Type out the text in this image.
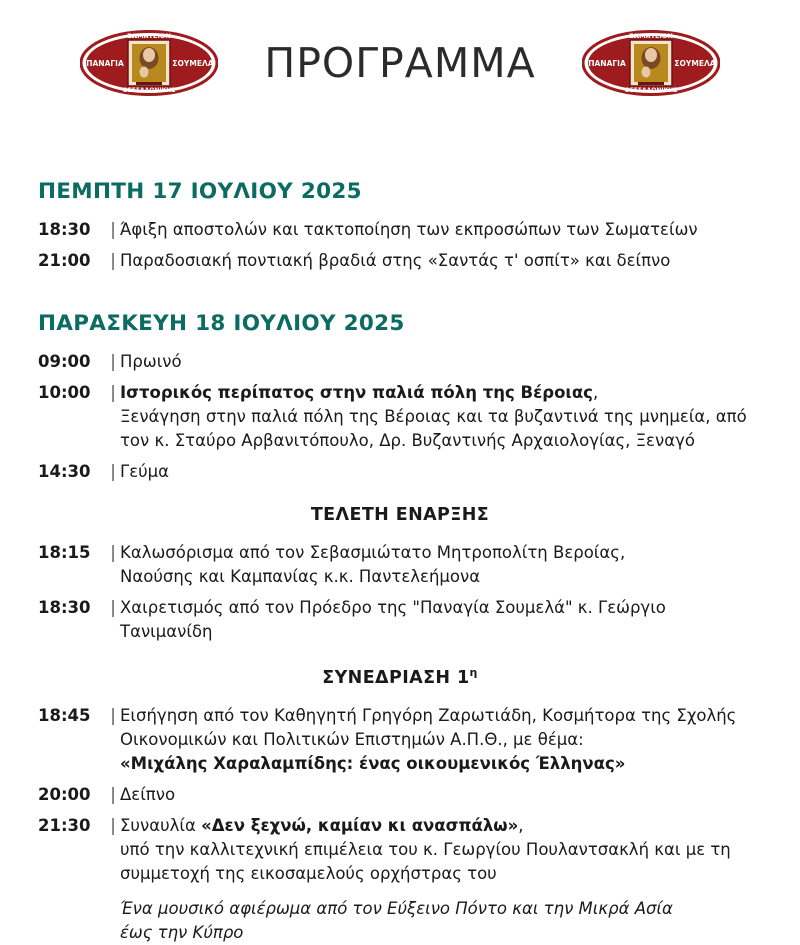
ΣΩΜΑΤΕΙΟΝ
ΠΑΝΑΓΙΑ	ΣΟΥΜΕΛΑ
ΘΕΣΣΑΛΟΝΙΚΗΣ
ΠΡΟΓΡΑΜΜΑ
ΣΩΜΑΤΕΙΟΝ
ΠΑΝΑΓΙΑ	ΣΟΥΜΕΛΑ
ΘΕΣΣΑΛΟΝΙΚΗΣ
ΠΕΜΠΤΗ 17 ΙΟΥΛΙΟΥ 2025
18:30	| Άφιξη αποστολών και τακτοποίηση των εκπροσώπων των Σωματείων
21:00	| Παραδοσιακή ποντιακή βραδιά στης «Σαντάς τ' οσπίτ» και δείπνο
ΠΑΡΑΣΚΕΥΗ 18 ΙΟΥΛΙΟΥ 2025
09:00	| Πρωινό
10:00	| Ιστορικός περίπατος στην παλιά πόλη της Βέροιας,
Ξενάγηση στην παλιά πόλη της Βέροιας και τα βυζαντινά της μνημεία, από τον κ. Σταύρο Αρβανιτόπουλο, Δρ. Βυζαντινής Αρχαιολογίας, Ξεναγό
14:30	| Γεύμα
ΤΕΛΕΤΗ ΕΝΑΡΞΗΣ
18:15	| Καλωσόρισμα από τον Σεβασμιώτατο Μητροπολίτη Βεροίας,
Ναούσης και Καμπανίας κ.κ. Παντελεήμονα
18:30	| Χαιρετισμός από τον Πρόεδρο της "Παναγία Σουμελά" κ. Γεώργιο Τανιμανίδη
ΣΥΝΕΔΡΙΑΣΗ $1^\eta$
18:45	| Εισήγηση από τον Καθηγητή Γρηγόρη Ζαρωτιάδη, Κοσμήτορα της Σχολής Οικονομικών και Πολιτικών Επιστημών Α.Π.Θ., με θέμα:
«Μιχάλης Χαραλαμπίδης: ένας οικουμενικός Έλληνας»
20:00	| Δείπνο
21:30	| Συναυλία «Δεν ξεχνώ, καμίαν κι ανασπάλω»,
υπό την καλλιτεχνική επιμέλεια του κ. Γεωργίου Πουλαντσακλή και με τη συμμετοχή της εικοσαμελούς ορχήστρας του
Ένα μουσικό αφιέρωμα από τον Εύξεινο Πόντο και την Μικρά Ασία
έως την Κύπρο
